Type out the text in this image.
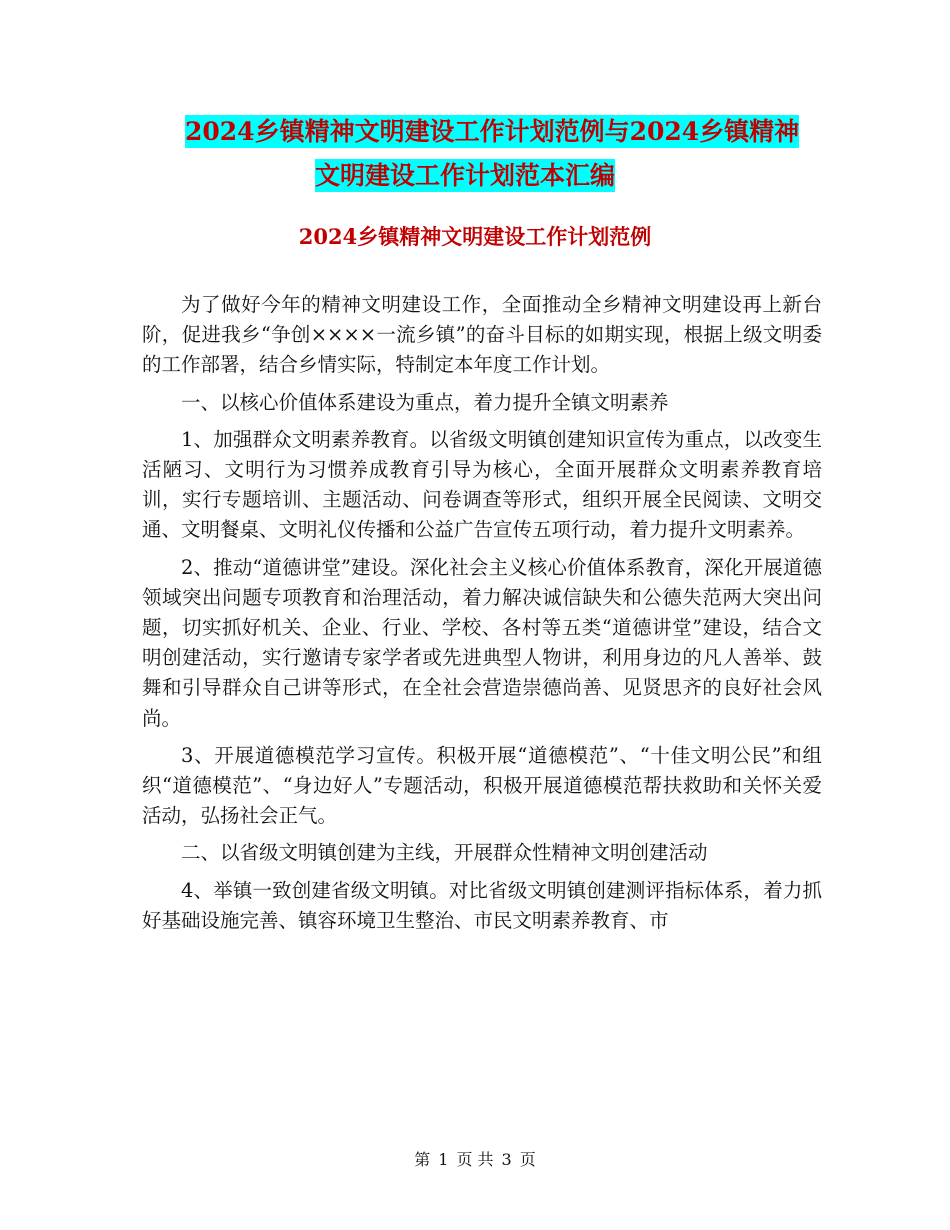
2024乡镇精神文明建设工作计划范例与2024乡镇精神
文明建设工作计划范本汇编
2024乡镇精神文明建设工作计划范例

为了做好今年的精神文明建设工作，全面推动全乡精神文明建设再上新台阶，促进我乡“争创××××一流乡镇”的奋斗目标的如期实现，根据上级文明委的工作部署，结合乡情实际，特制定本年度工作计划。

一、以核心价值体系建设为重点，着力提升全镇文明素养

1、加强群众文明素养教育。以省级文明镇创建知识宣传为重点，以改变生活陋习、文明行为习惯养成教育引导为核心，全面开展群众文明素养教育培训，实行专题培训、主题活动、问卷调查等形式，组织开展全民阅读、文明交通、文明餐桌、文明礼仪传播和公益广告宣传五项行动，着力提升文明素养。

2、推动“道德讲堂”建设。深化社会主义核心价值体系教育，深化开展道德领域突出问题专项教育和治理活动，着力解决诚信缺失和公德失范两大突出问题，切实抓好机关、企业、行业、学校、各村等五类“道德讲堂”建设，结合文明创建活动，实行邀请专家学者或先进典型人物讲，利用身边的凡人善举、鼓舞和引导群众自己讲等形式，在全社会营造崇德尚善、见贤思齐的良好社会风尚。

3、开展道德模范学习宣传。积极开展“道德模范”、“十佳文明公民”和组织“道德模范”、“身边好人”专题活动，积极开展道德模范帮扶救助和关怀关爱活动，弘扬社会正气。

二、以省级文明镇创建为主线，开展群众性精神文明创建活动

4、举镇一致创建省级文明镇。对比省级文明镇创建测评指标体系，着力抓好基础设施完善、镇容环境卫生整治、市民文明素养教育、市

第 1 页 共 3 页
